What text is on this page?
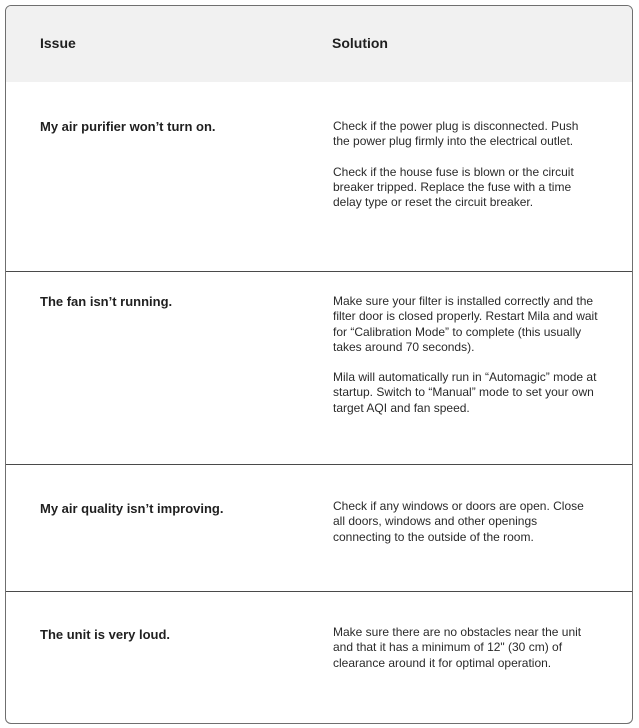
Issue	Solution
My air purifier won’t turn on.	Check if the power plug is disconnected. Push the power plug firmly into the electrical outlet.

Check if the house fuse is blown or the circuit breaker tripped. Replace the fuse with a time delay type or reset the circuit breaker.

The fan isn’t running.	Make sure your filter is installed correctly and the filter door is closed properly. Restart Mila and wait for “Calibration Mode” to complete (this usually takes around 70 seconds).

Mila will automatically run in “Automagic” mode at startup. Switch to “Manual” mode to set your own target AQI and fan speed.

My air quality isn’t improving.	Check if any windows or doors are open. Close all doors, windows and other openings connecting to the outside of the room.

The unit is very loud.	Make sure there are no obstacles near the unit and that it has a minimum of 12" (30 cm) of clearance around it for optimal operation.
